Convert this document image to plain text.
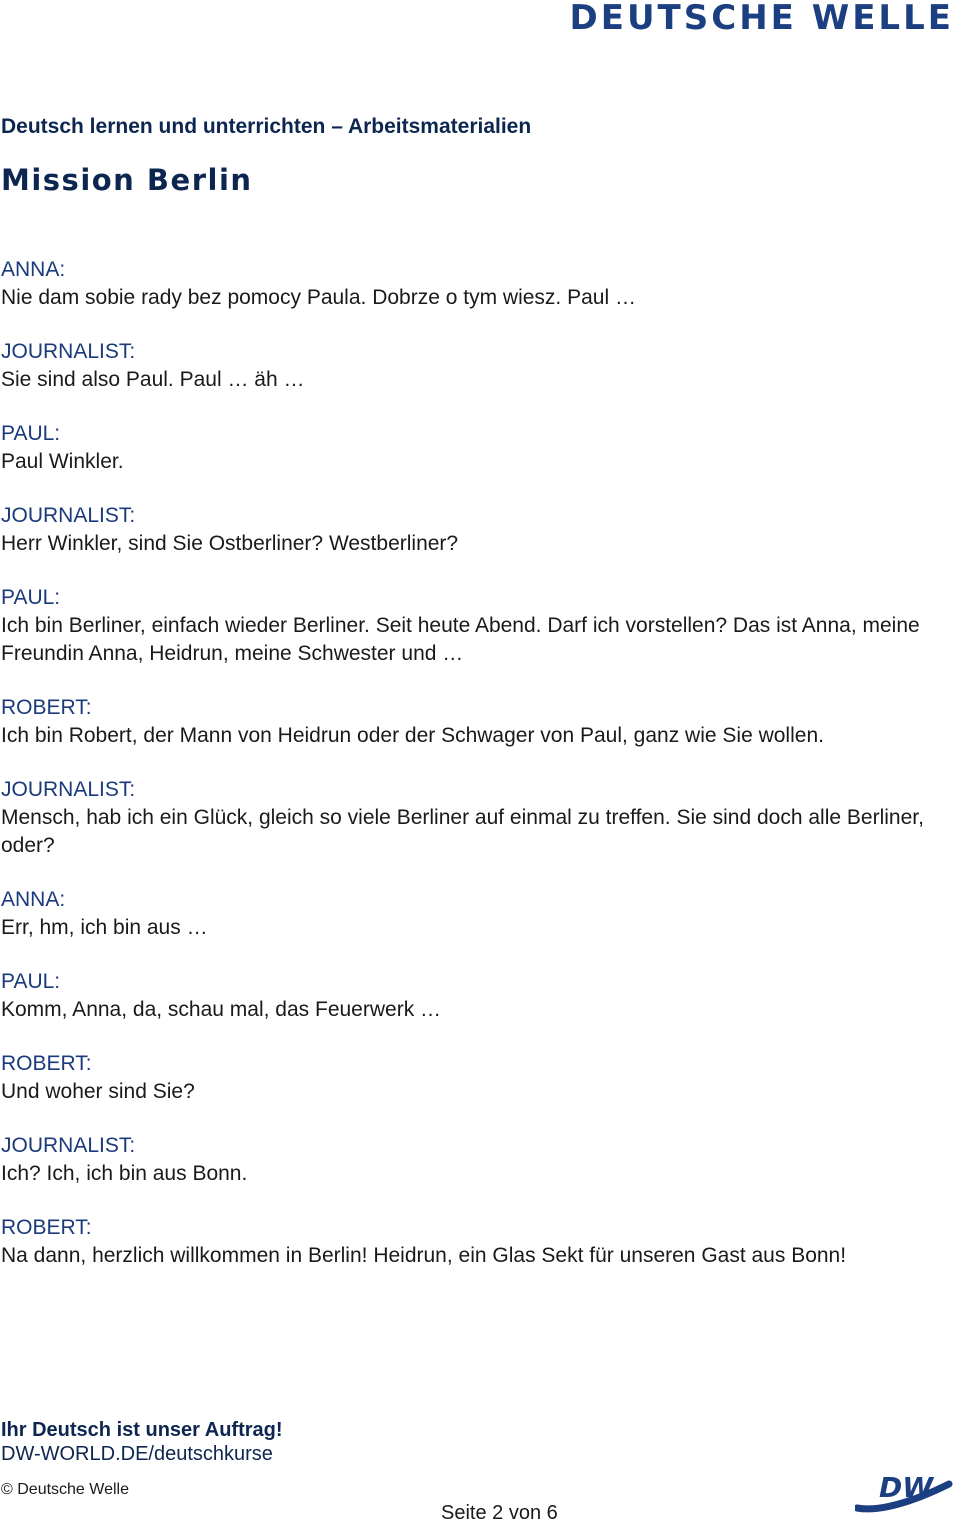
DEUTSCHE WELLE
Deutsch lernen und unterrichten – Arbeitsmaterialien
Mission Berlin
ANNA:
Nie dam sobie rady bez pomocy Paula. Dobrze o tym wiesz. Paul …
JOURNALIST:
Sie sind also Paul. Paul … äh …
PAUL:
Paul Winkler.
JOURNALIST:
Herr Winkler, sind Sie Ostberliner? Westberliner?
PAUL:
Ich bin Berliner, einfach wieder Berliner. Seit heute Abend. Darf ich vorstellen? Das ist Anna, meine Freundin Anna, Heidrun, meine Schwester und …
ROBERT:
Ich bin Robert, der Mann von Heidrun oder der Schwager von Paul, ganz wie Sie wollen.
JOURNALIST:
Mensch, hab ich ein Glück, gleich so viele Berliner auf einmal zu treffen. Sie sind doch alle Berliner, oder?
ANNA:
Err, hm, ich bin aus …
PAUL:
Komm, Anna, da, schau mal, das Feuerwerk …
ROBERT:
Und woher sind Sie?
JOURNALIST:
Ich? Ich, ich bin aus Bonn.
ROBERT:
Na dann, herzlich willkommen in Berlin! Heidrun, ein Glas Sekt für unseren Gast aus Bonn!
Ihr Deutsch ist unser Auftrag!
DW-WORLD.DE/deutschkurse
© Deutsche Welle
Seite 2 von 6
DW
